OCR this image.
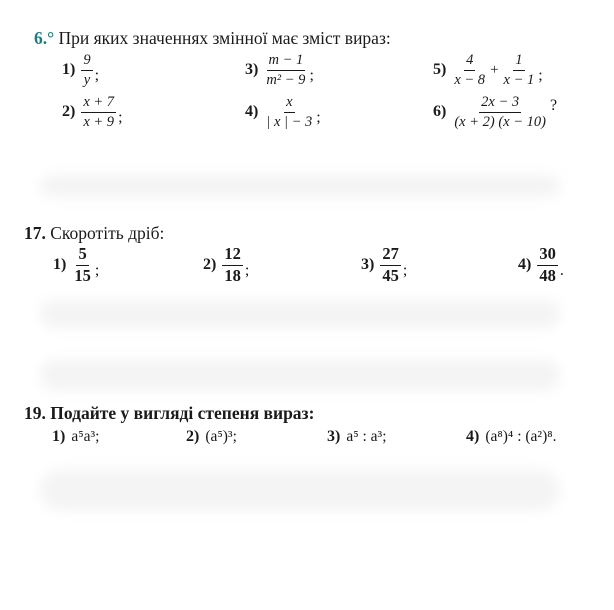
6.° При яких значеннях змінної має зміст вираз:
$1) \frac{9}{y}$ ;
$2) \frac{x + 7}{x + 9}$ ;
$3) \frac{m - 1}{\text{m² − 9}}$ ;
$4) \frac{x}{| x | - 3}$ ;
$5) \frac{4}{x - 8} + \frac{1}{x - 1}$ ;
$6) \frac{2x - 3}{(x + 2) (x - 10)}$ ?
17. Скоротіть дріб:
$1) \frac{5}{15}$ ;	$2) \frac{12}{18}$ ;	$3) \frac{27}{45}$ ;	$4) \frac{30}{48}$ .
19. Подайте у вигляді степеня вираз:
1) a⁵a³;	2) (a⁵)³;	3) a⁵ : a³;	4) (a⁸)⁴ : (a²)⁸.
